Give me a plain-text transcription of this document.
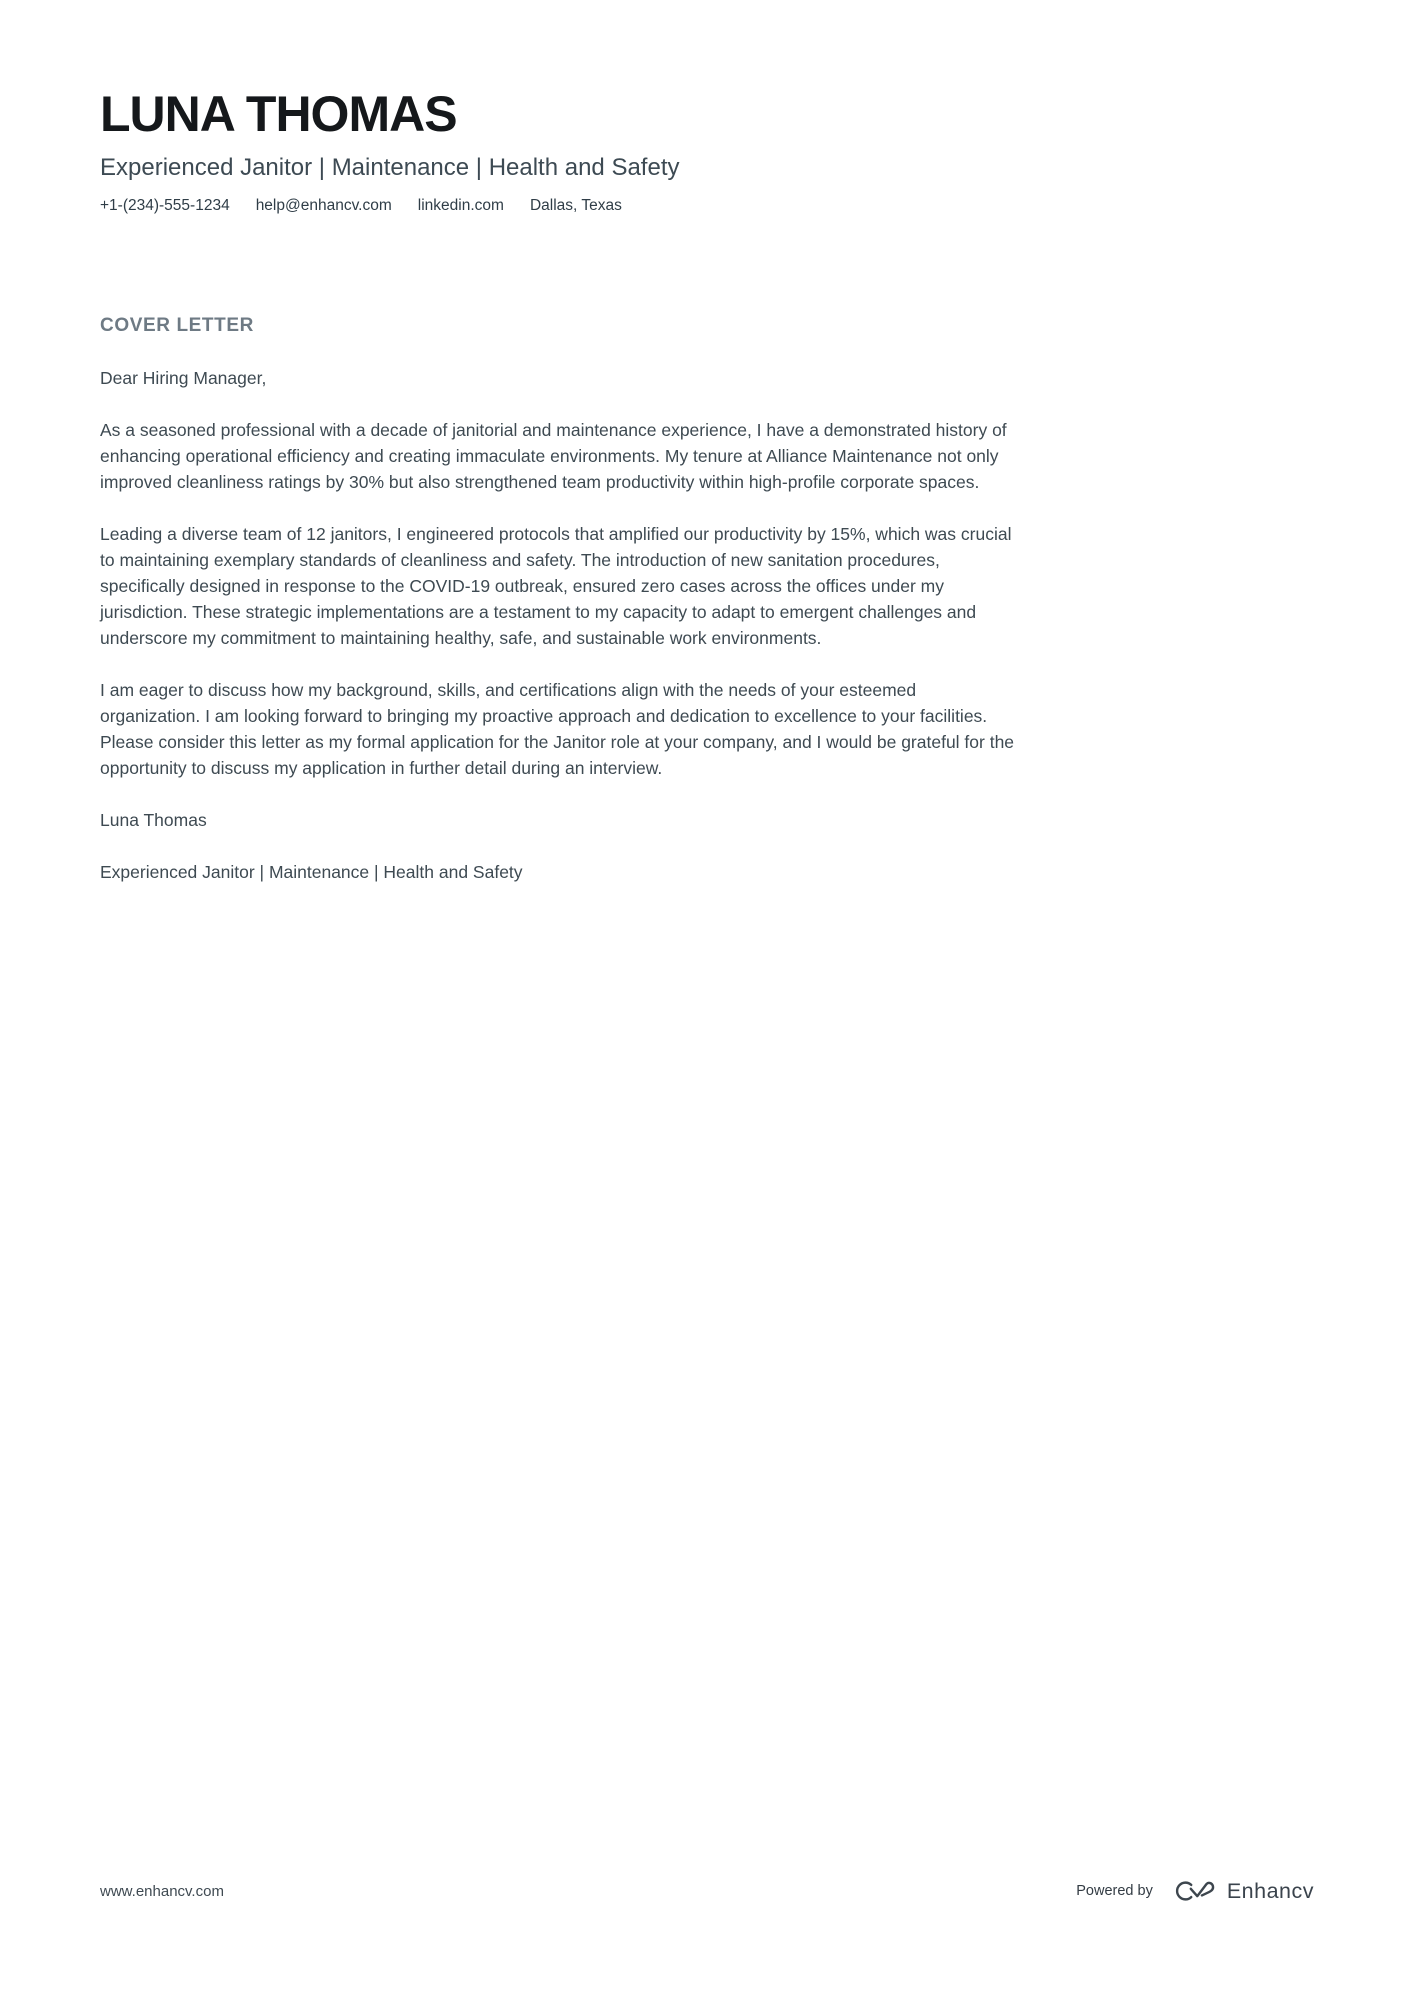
LUNA THOMAS
Experienced Janitor | Maintenance | Health and Safety
+1-(234)-555-1234 help@enhancv.com linkedin.com Dallas, Texas
COVER LETTER

Dear Hiring Manager,

As a seasoned professional with a decade of janitorial and maintenance experience, I have a demonstrated history of enhancing operational efficiency and creating immaculate environments. My tenure at Alliance Maintenance not only improved cleanliness ratings by 30% but also strengthened team productivity within high-profile corporate spaces.

Leading a diverse team of 12 janitors, I engineered protocols that amplified our productivity by 15%, which was crucial to maintaining exemplary standards of cleanliness and safety. The introduction of new sanitation procedures, specifically designed in response to the COVID-19 outbreak, ensured zero cases across the offices under my jurisdiction. These strategic implementations are a testament to my capacity to adapt to emergent challenges and underscore my commitment to maintaining healthy, safe, and sustainable work environments.

I am eager to discuss how my background, skills, and certifications align with the needs of your esteemed organization. I am looking forward to bringing my proactive approach and dedication to excellence to your facilities. Please consider this letter as my formal application for the Janitor role at your company, and I would be grateful for the opportunity to discuss my application in further detail during an interview.

Luna Thomas

Experienced Janitor | Maintenance | Health and Safety

www.enhancv.com	Powered by	Enhancv
